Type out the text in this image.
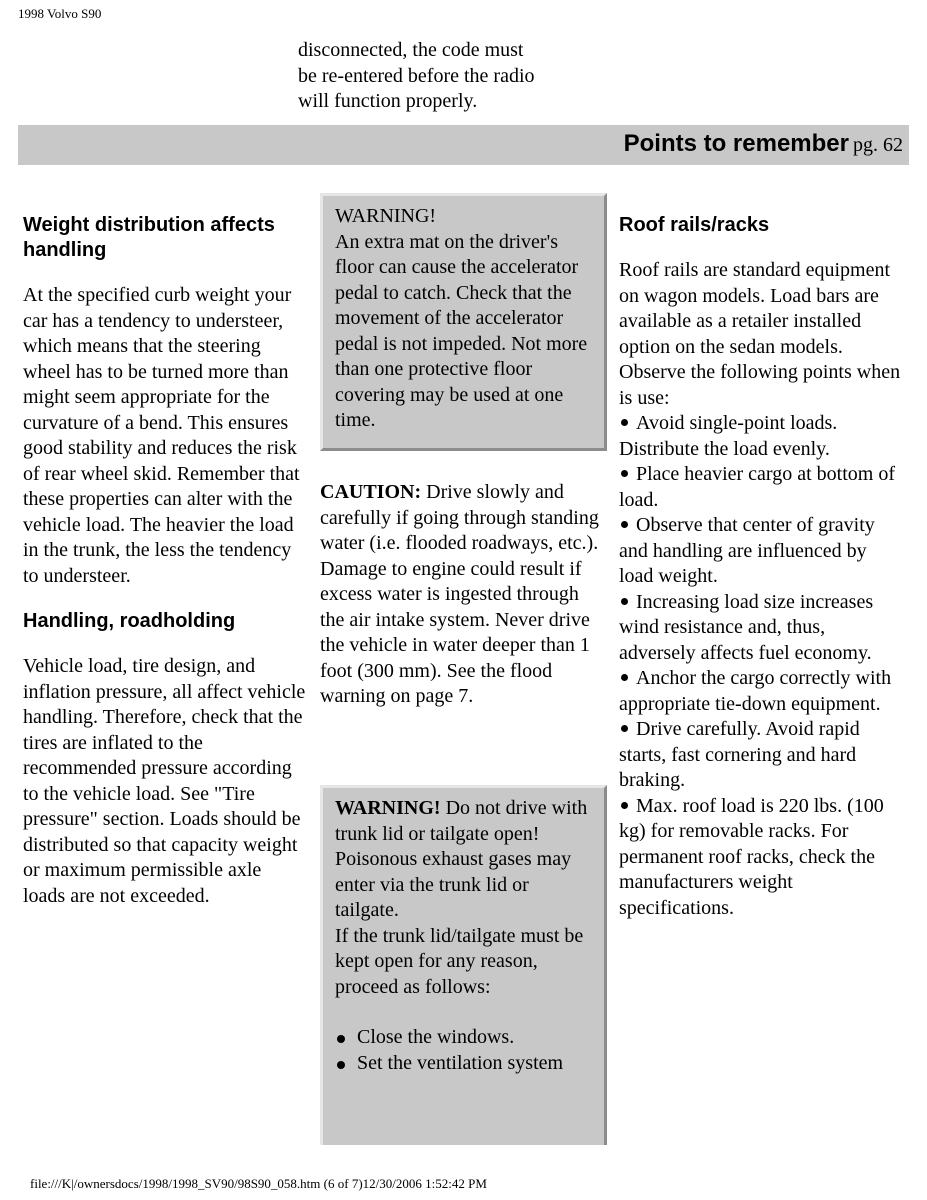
1998 Volvo S90
disconnected, the code must
be re-entered before the radio
will function properly.
Points to remember pg. 62
Weight distribution affects handling

At the specified curb weight your car has a tendency to understeer, which means that the steering wheel has to be turned more than might seem appropriate for the curvature of a bend. This ensures good stability and reduces the risk of rear wheel skid. Remember that these properties can alter with the vehicle load. The heavier the load in the trunk, the less the tendency to understeer.

Handling, roadholding

Vehicle load, tire design, and inflation pressure, all affect vehicle handling. Therefore, check that the tires are inflated to the recommended pressure according to the vehicle load. See "Tire pressure" section. Loads should be distributed so that capacity weight or maximum permissible axle loads are not exceeded.

WARNING!
An extra mat on the driver's floor can cause the accelerator pedal to catch. Check that the movement of the accelerator pedal is not impeded. Not more than one protective floor covering may be used at one time.
CAUTION: Drive slowly and carefully if going through standing water (i.e. flooded roadways, etc.). Damage to engine could result if excess water is ingested through the air intake system. Never drive the vehicle in water deeper than 1 foot (300 mm). See the flood warning on page 7.
WARNING! Do not drive with trunk lid or tailgate open!
Poisonous exhaust gases may enter via the trunk lid or tailgate.
If the trunk lid/tailgate must be kept open for any reason, proceed as follows:
Close the windows.
Set the ventilation system
Roof rails/racks

Roof rails are standard equipment on wagon models. Load bars are available as a retailer installed option on the sedan models. Observe the following points when is use:

Avoid single-point loads. Distribute the load evenly.
Place heavier cargo at bottom of load.
Observe that center of gravity and handling are influenced by load weight.
Increasing load size increases wind resistance and, thus, adversely affects fuel economy.
Anchor the cargo correctly with appropriate tie-down equipment.
Drive carefully. Avoid rapid starts, fast cornering and hard braking.
Max. roof load is 220 lbs. (100 kg) for removable racks. For permanent roof racks, check the manufacturers weight specifications.
file:///K|/ownersdocs/1998/1998_SV90/98S90_058.htm (6 of 7)12/30/2006 1:52:42 PM
